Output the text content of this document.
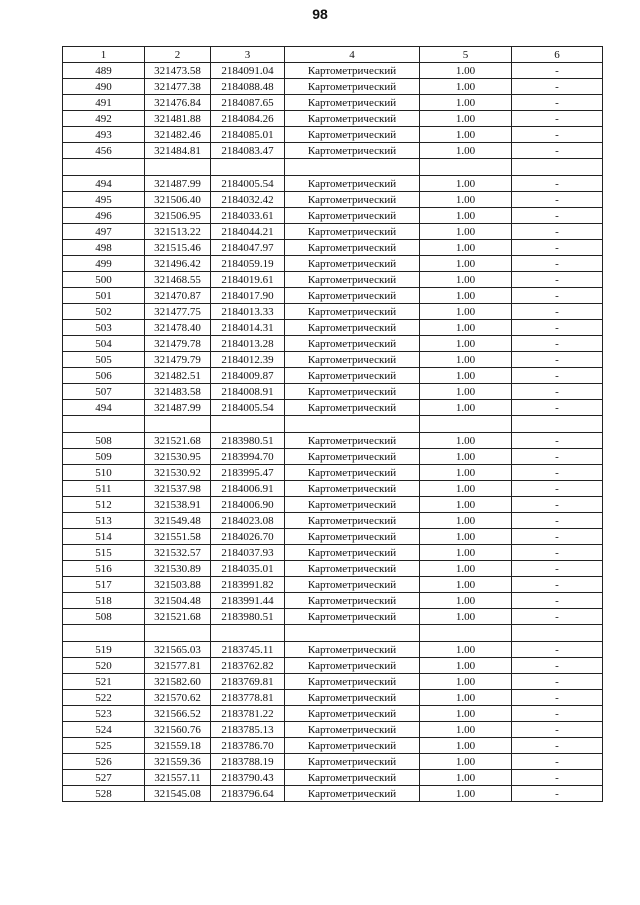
98
1	2	3	4	5	6
489	321473.58	2184091.04	Картометрический	1.00	-
490	321477.38	2184088.48	Картометрический	1.00	-
491	321476.84	2184087.65	Картометрический	1.00	-
492	321481.88	2184084.26	Картометрический	1.00	-
493	321482.46	2184085.01	Картометрический	1.00	-
456	321484.81	2184083.47	Картометрический	1.00	-

494	321487.99	2184005.54	Картометрический	1.00	-
495	321506.40	2184032.42	Картометрический	1.00	-
496	321506.95	2184033.61	Картометрический	1.00	-
497	321513.22	2184044.21	Картометрический	1.00	-
498	321515.46	2184047.97	Картометрический	1.00	-
499	321496.42	2184059.19	Картометрический	1.00	-
500	321468.55	2184019.61	Картометрический	1.00	-
501	321470.87	2184017.90	Картометрический	1.00	-
502	321477.75	2184013.33	Картометрический	1.00	-
503	321478.40	2184014.31	Картометрический	1.00	-
504	321479.78	2184013.28	Картометрический	1.00	-
505	321479.79	2184012.39	Картометрический	1.00	-
506	321482.51	2184009.87	Картометрический	1.00	-
507	321483.58	2184008.91	Картометрический	1.00	-
494	321487.99	2184005.54	Картометрический	1.00	-

508	321521.68	2183980.51	Картометрический	1.00	-
509	321530.95	2183994.70	Картометрический	1.00	-
510	321530.92	2183995.47	Картометрический	1.00	-
511	321537.98	2184006.91	Картометрический	1.00	-
512	321538.91	2184006.90	Картометрический	1.00	-
513	321549.48	2184023.08	Картометрический	1.00	-
514	321551.58	2184026.70	Картометрический	1.00	-
515	321532.57	2184037.93	Картометрический	1.00	-
516	321530.89	2184035.01	Картометрический	1.00	-
517	321503.88	2183991.82	Картометрический	1.00	-
518	321504.48	2183991.44	Картометрический	1.00	-
508	321521.68	2183980.51	Картометрический	1.00	-

519	321565.03	2183745.11	Картометрический	1.00	-
520	321577.81	2183762.82	Картометрический	1.00	-
521	321582.60	2183769.81	Картометрический	1.00	-
522	321570.62	2183778.81	Картометрический	1.00	-
523	321566.52	2183781.22	Картометрический	1.00	-
524	321560.76	2183785.13	Картометрический	1.00	-
525	321559.18	2183786.70	Картометрический	1.00	-
526	321559.36	2183788.19	Картометрический	1.00	-
527	321557.11	2183790.43	Картометрический	1.00	-
528	321545.08	2183796.64	Картометрический	1.00	-
